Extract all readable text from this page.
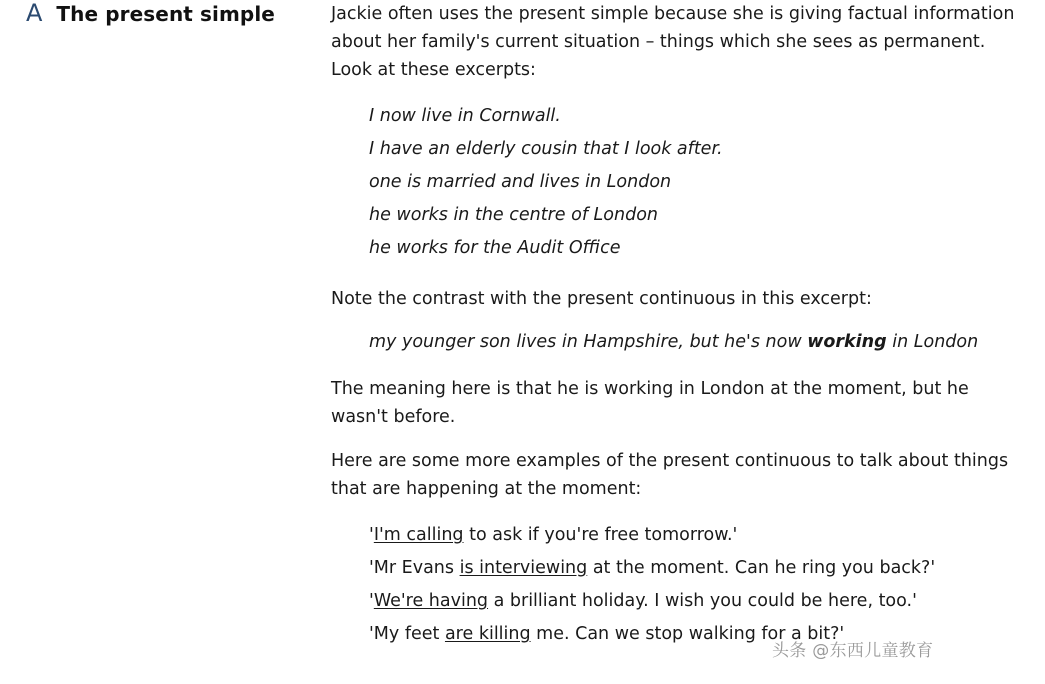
A The present simple	Jackie often uses the present simple because she is giving factual information about her family's current situation – things which she sees as permanent. Look at these excerpts:

I now live in Cornwall.
I have an elderly cousin that I look after.
one is married and lives in London
he works in the centre of London
he works for the Audit Office

Note the contrast with the present continuous in this excerpt:

my younger son lives in Hampshire, but he's now working in London

The meaning here is that he is working in London at the moment, but he wasn't before.

Here are some more examples of the present continuous to talk about things that are happening at the moment:

'I'm calling to ask if you're free tomorrow.'
'Mr Evans is interviewing at the moment. Can he ring you back?'
'We're having a brilliant holiday. I wish you could be here, too.'
'My feet are killing me. Can we stop walking for a bit?'
头条 @东西儿童教育
